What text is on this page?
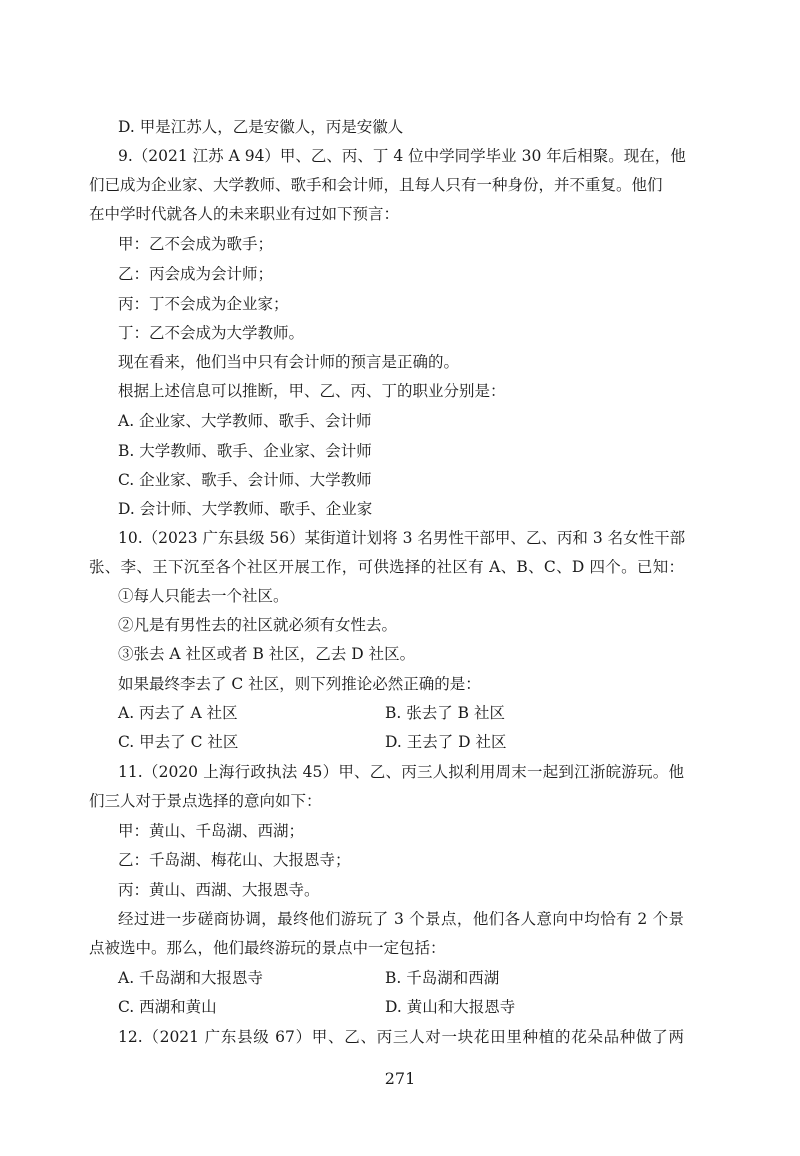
D. 甲是江苏人，乙是安徽人，丙是安徽人
9.（2021 江苏 A 94）甲、乙、丙、丁 4 位中学同学毕业 30 年后相聚。现在，他
们已成为企业家、大学教师、歌手和会计师，且每人只有一种身份，并不重复。他们
在中学时代就各人的未来职业有过如下预言：
甲：乙不会成为歌手；
乙：丙会成为会计师；
丙：丁不会成为企业家；
丁：乙不会成为大学教师。
现在看来，他们当中只有会计师的预言是正确的。
根据上述信息可以推断，甲、乙、丙、丁的职业分别是：
A. 企业家、大学教师、歌手、会计师
B. 大学教师、歌手、企业家、会计师
C. 企业家、歌手、会计师、大学教师
D. 会计师、大学教师、歌手、企业家
10.（2023 广东县级 56）某街道计划将 3 名男性干部甲、乙、丙和 3 名女性干部
张、李、王下沉至各个社区开展工作，可供选择的社区有 A、B、C、D 四个。已知：
①每人只能去一个社区。
②凡是有男性去的社区就必须有女性去。
③张去 A 社区或者 B 社区，乙去 D 社区。
如果最终李去了 C 社区，则下列推论必然正确的是：
A. 丙去了 A 社区	B. 张去了 B 社区
C. 甲去了 C 社区	D. 王去了 D 社区
11.（2020 上海行政执法 45）甲、乙、丙三人拟利用周末一起到江浙皖游玩。他
们三人对于景点选择的意向如下：
甲：黄山、千岛湖、西湖；
乙：千岛湖、梅花山、大报恩寺；
丙：黄山、西湖、大报恩寺。
经过进一步磋商协调，最终他们游玩了 3 个景点，他们各人意向中均恰有 2 个景
点被选中。那么，他们最终游玩的景点中一定包括：
A. 千岛湖和大报恩寺	B. 千岛湖和西湖
C. 西湖和黄山	D. 黄山和大报恩寺
12.（2021 广东县级 67）甲、乙、丙三人对一块花田里种植的花朵品种做了两
271
